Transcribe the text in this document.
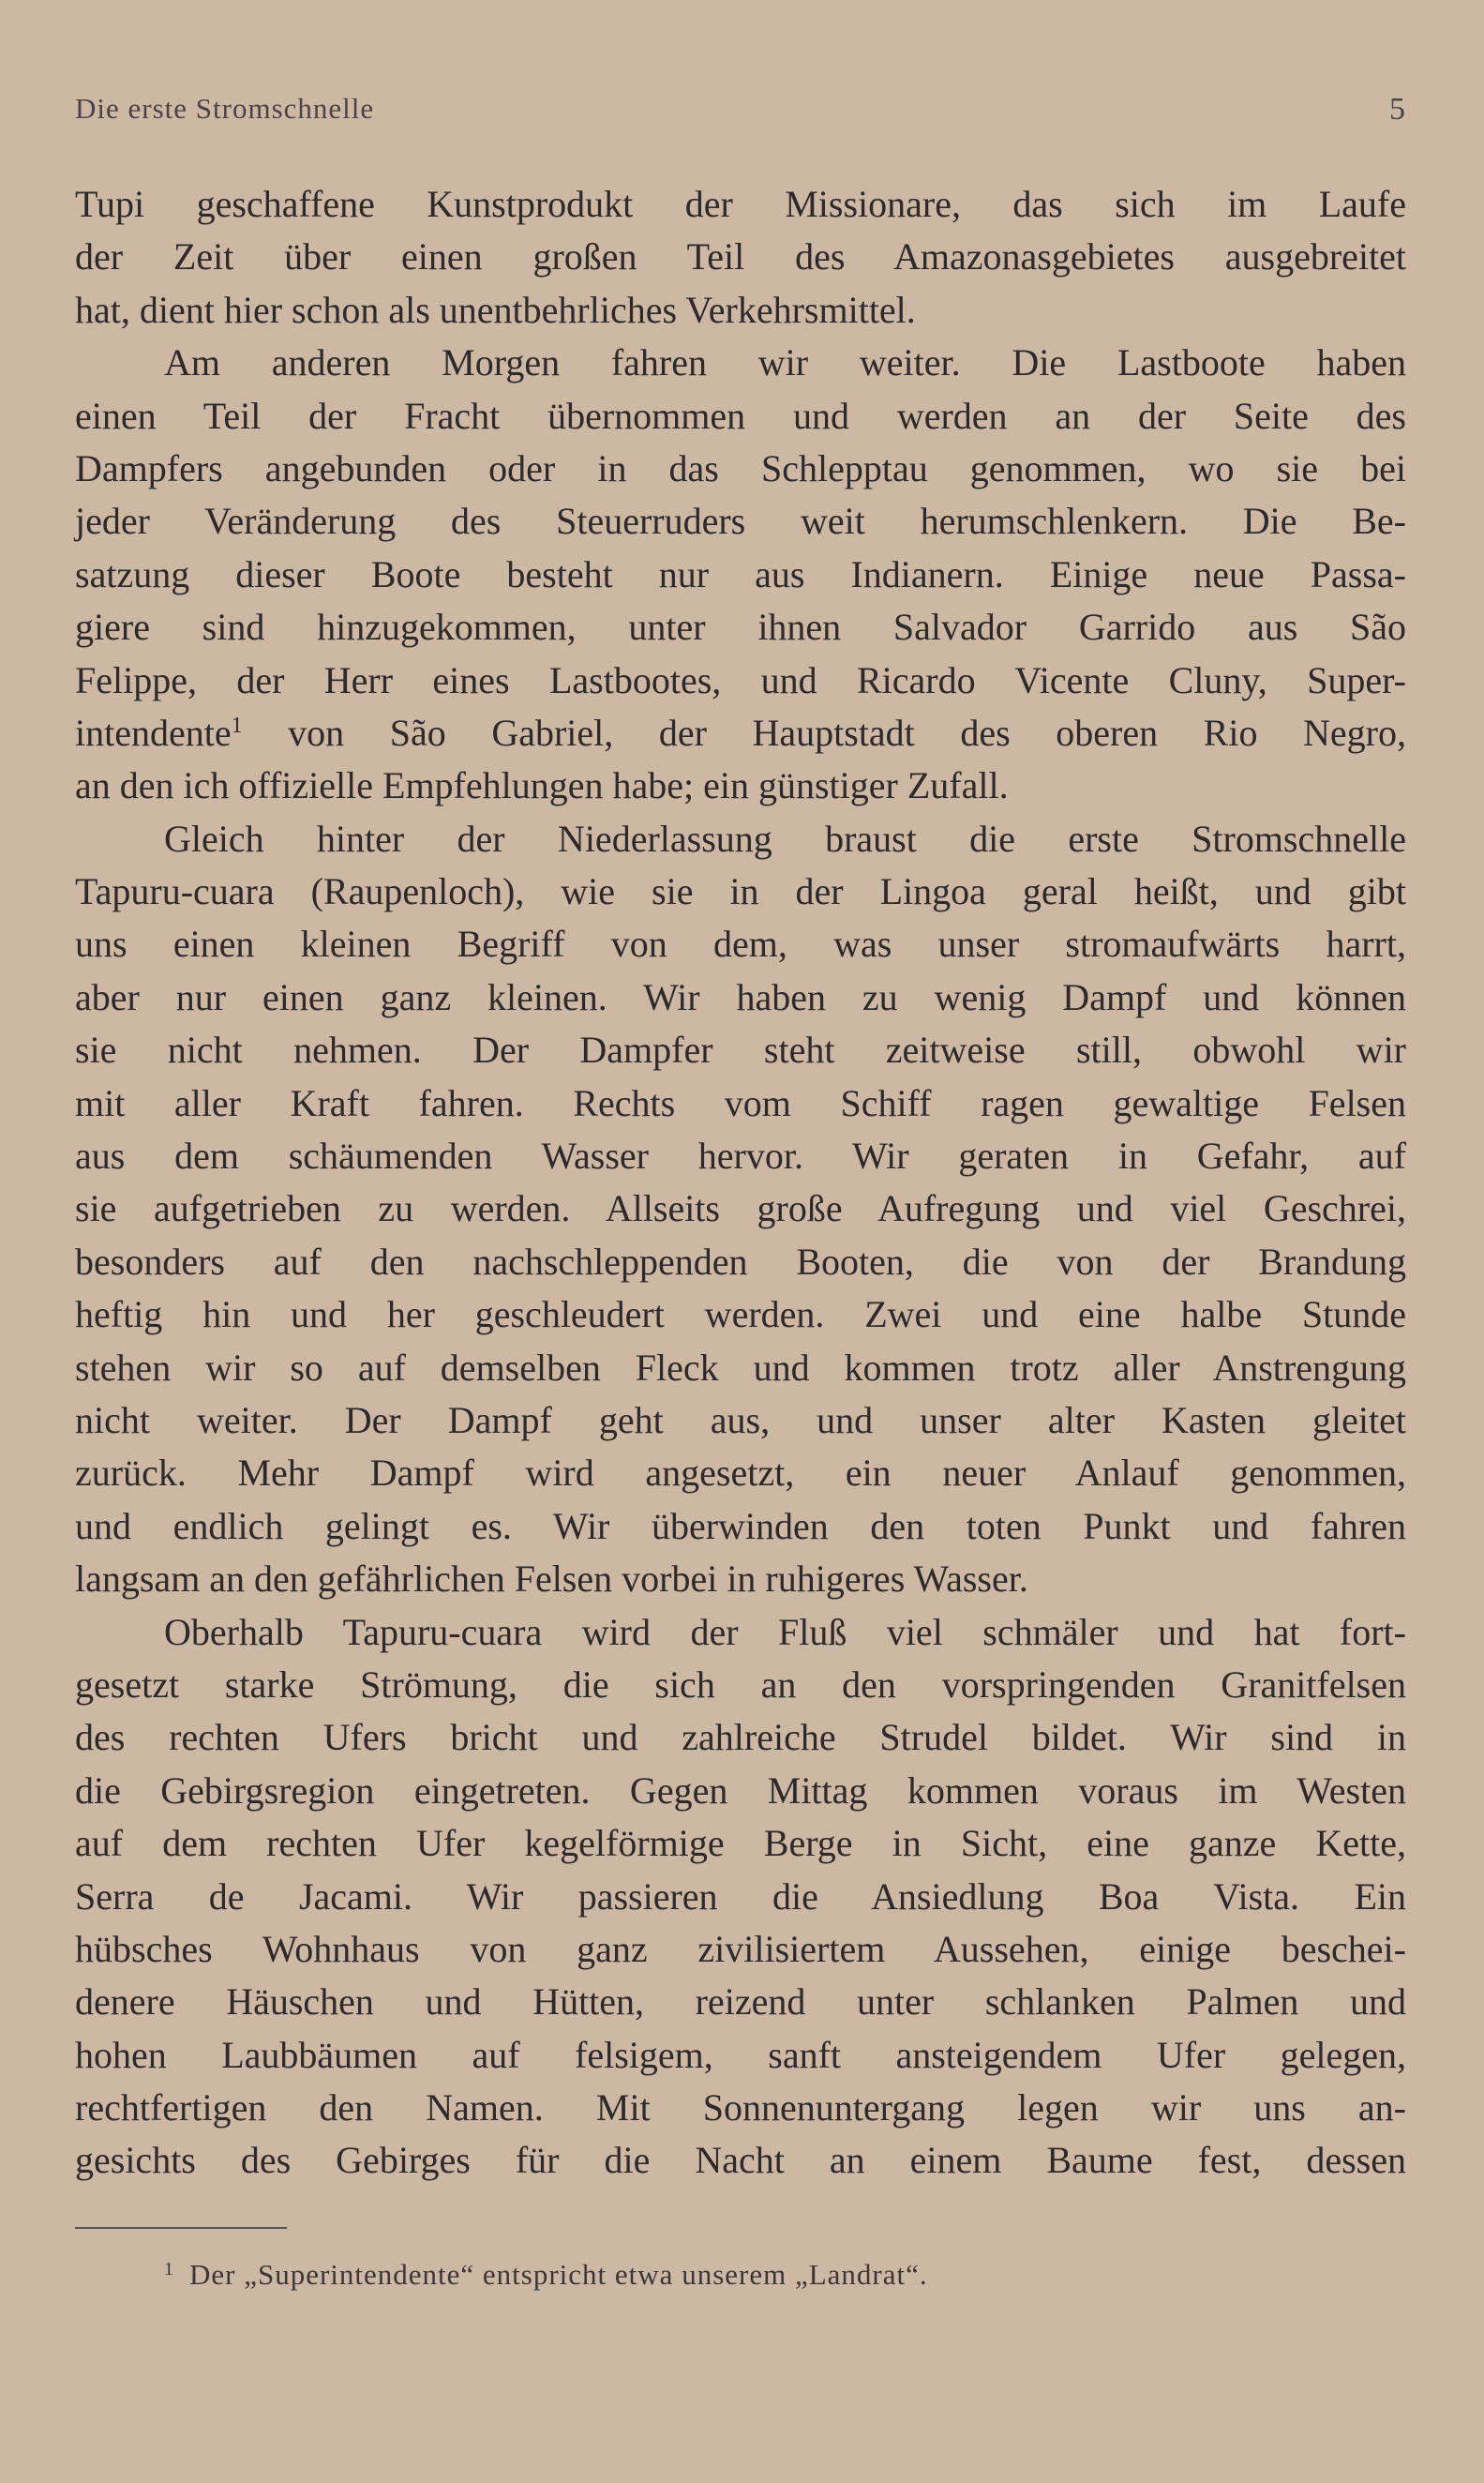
Die erste Stromschnelle	5
Tupi geschaffene Kunstprodukt der Missionare, das sich im Laufe
der Zeit über einen großen Teil des Amazonasgebietes ausgebreitet
hat, dient hier schon als unentbehrliches Verkehrsmittel.
Am anderen Morgen fahren wir weiter. Die Lastboote haben
einen Teil der Fracht übernommen und werden an der Seite des
Dampfers angebunden oder in das Schlepptau genommen, wo sie bei
jeder Veränderung des Steuerruders weit herumschlenkern. Die Be-
satzung dieser Boote besteht nur aus Indianern. Einige neue Passa-
giere sind hinzugekommen, unter ihnen Salvador Garrido aus São
Felippe, der Herr eines Lastbootes, und Ricardo Vicente Cluny, Super-
intendente$^1$ von São Gabriel, der Hauptstadt des oberen Rio Negro,
an den ich offizielle Empfehlungen habe; ein günstiger Zufall.
Gleich hinter der Niederlassung braust die erste Stromschnelle
Tapuru-cuara (Raupenloch), wie sie in der Lingoa geral heißt, und gibt
uns einen kleinen Begriff von dem, was unser stromaufwärts harrt,
aber nur einen ganz kleinen. Wir haben zu wenig Dampf und können
sie nicht nehmen. Der Dampfer steht zeitweise still, obwohl wir
mit aller Kraft fahren. Rechts vom Schiff ragen gewaltige Felsen
aus dem schäumenden Wasser hervor. Wir geraten in Gefahr, auf
sie aufgetrieben zu werden. Allseits große Aufregung und viel Geschrei,
besonders auf den nachschleppenden Booten, die von der Brandung
heftig hin und her geschleudert werden. Zwei und eine halbe Stunde
stehen wir so auf demselben Fleck und kommen trotz aller Anstrengung
nicht weiter. Der Dampf geht aus, und unser alter Kasten gleitet
zurück. Mehr Dampf wird angesetzt, ein neuer Anlauf genommen,
und endlich gelingt es. Wir überwinden den toten Punkt und fahren
langsam an den gefährlichen Felsen vorbei in ruhigeres Wasser.
Oberhalb Tapuru-cuara wird der Fluß viel schmäler und hat fort-
gesetzt starke Strömung, die sich an den vorspringenden Granitfelsen
des rechten Ufers bricht und zahlreiche Strudel bildet. Wir sind in
die Gebirgsregion eingetreten. Gegen Mittag kommen voraus im Westen
auf dem rechten Ufer kegelförmige Berge in Sicht, eine ganze Kette,
Serra de Jacami. Wir passieren die Ansiedlung Boa Vista. Ein
hübsches Wohnhaus von ganz zivilisiertem Aussehen, einige beschei-
denere Häuschen und Hütten, reizend unter schlanken Palmen und
hohen Laubbäumen auf felsigem, sanft ansteigendem Ufer gelegen,
rechtfertigen den Namen. Mit Sonnenuntergang legen wir uns an-
gesichts des Gebirges für die Nacht an einem Baume fest, dessen
$^1$ Der „Superintendente“ entspricht etwa unserem „Landrat“.
